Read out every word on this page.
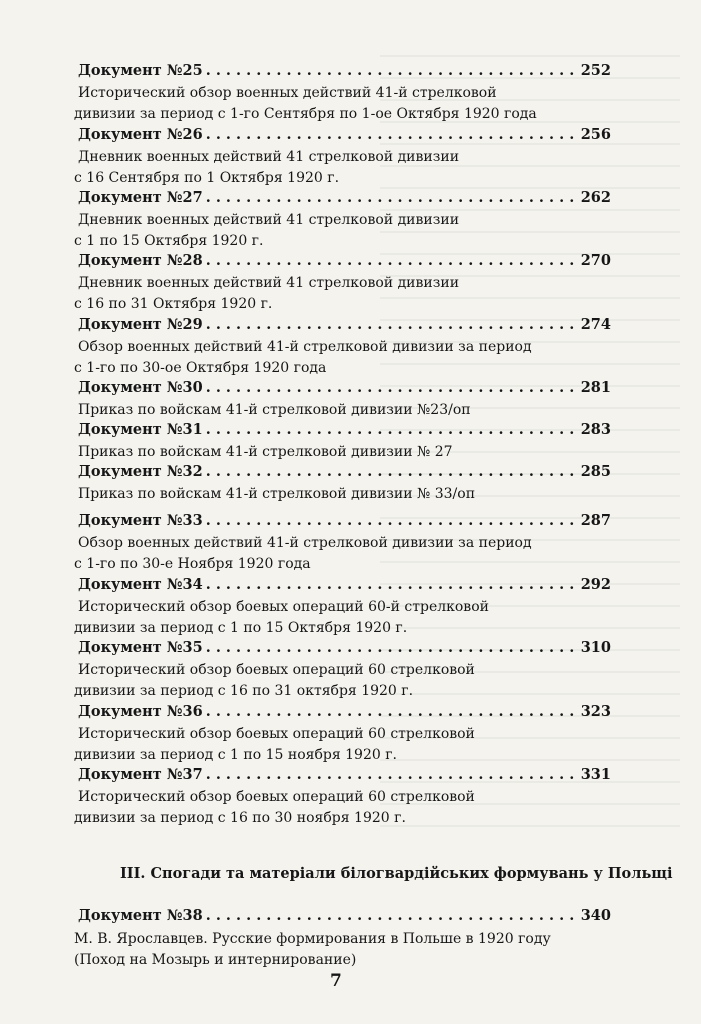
Документ №25 . . .	252
Исторический обзор военных действий 41-й стрелковой
дивизии за период с 1-го Сентября по 1-ое Октября 1920 года
Документ №26 . . .	256
Дневник военных действий 41 стрелковой дивизии
с 16 Сентября по 1 Октября 1920 г.
Документ №27 . . .	262
Дневник военных действий 41 стрелковой дивизии
с 1 по 15 Октября 1920 г.
Документ №28 . . .	270
Дневник военных действий 41 стрелковой дивизии
с 16 по 31 Октября 1920 г.
Документ №29 . . .	274
Обзор военных действий 41-й стрелковой дивизии за период
с 1-го по 30-ое Октября 1920 года
Документ №30 . . .	281
Приказ по войскам 41-й стрелковой дивизии №23/оп
Документ №31 . . .	283
Приказ по войскам 41-й стрелковой дивизии № 27
Документ №32 . . .	285
Приказ по войскам 41-й стрелковой дивизии № 33/оп
Документ №33 . . .	287
Обзор военных действий 41-й стрелковой дивизии за период
с 1-го по 30-е Ноября 1920 года
Документ №34 . . .	292
Исторический обзор боевых операций 60-й стрелковой
дивизии за период с 1 по 15 Октября 1920 г.
Документ №35 . . .	310
Исторический обзор боевых операций 60 стрелковой
дивизии за период с 16 по 31 октября 1920 г.
Документ №36 . . .	323
Исторический обзор боевых операций 60 стрелковой
дивизии за период с 1 по 15 ноября 1920 г.
Документ №37 . . .	331
Исторический обзор боевых операций 60 стрелковой
дивизии за период с 16 по 30 ноября 1920 г.
III. Спогади та матеріали білогвардійських формувань у Польщі
Документ №38 . . .	340
М. В. Ярославцев. Русские формирования в Польше в 1920 году
(Поход на Мозырь и интернирование)
7
